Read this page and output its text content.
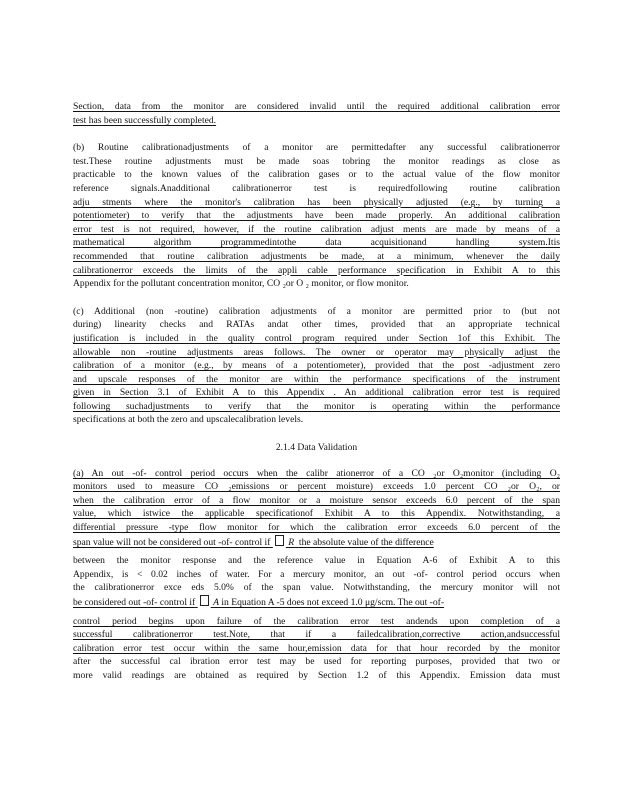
Section, data from the monitor are considered invalid until the required additional calibration error
test has been successfully completed.

(b) Routine calibrationadjustments of a monitor are permittedafter any successful calibrationerror
test.These routine adjustments must be made soas tobring the monitor readings as close as
practicable to the known values of the calibration gases or to the actual value of the flow monitor
reference signals.Anadditional calibrationerror test is requiredfollowing routine calibration
adju stments where the monitor's calibration has been physically adjusted (e.g., by turning a
potentiometer) to verify that the adjustments have been made properly. An additional calibration
error test is not required, however, if the routine calibration adjust ments are made by means of a
mathematical algorithm programmedintothe data acquisitionand handling system.Itis
recommended that routine calibration adjustments be made, at a minimum, whenever the daily
calibrationerror exceeds the limits of the appli cable performance specification in Exhibit A to this
Appendix for the pollutant concentration monitor, CO ₂or O ₂ monitor, or flow monitor.

(c) Additional (non -routine) calibration adjustments of a monitor are permitted prior to (but not
during) linearity checks and RATAs andat other times, provided that an appropriate technical
justification is included in the quality control program required under Section 1of this Exhibit. The
allowable non -routine adjustments areas follows. The owner or operator may physically adjust the
calibration of a monitor (e.g., by means of a potentiometer), provided that the post -adjustment zero
and upscale responses of the monitor are within the performance specifications of the instrument
given in Section 3.1 of Exhibit A to this Appendix . An additional calibration error test is required
following suchadjustments to verify that the monitor is operating within the performance
specifications at both the zero and upscalecalibration levels.

2.1.4 Data Validation

(a) An out -of- control period occurs when the calibr ationerror of a CO ₂or O₂monitor (including O₂
monitors used to measure CO ₂emissions or percent moisture) exceeds 1.0 percent CO ₂or O₂, or
when the calibration error of a flow monitor or a moisture sensor exceeds 6.0 percent of the span
value, which istwice the applicable specificationof Exhibit A to this Appendix. Notwithstanding, a
differential pressure -type flow monitor for which the calibration error exceeds 6.0 percent of the
span value will not be considered out -of- control if R the absolute value of the difference
between the monitor response and the reference value in Equation A-6 of Exhibit A to this
Appendix, is < 0.02 inches of water. For a mercury monitor, an out -of- control period occurs when
the calibrationerror exce eds 5.0% of the span value. Notwithstanding, the mercury monitor will not
be considered out -of- control if A in Equation A -5 does not exceed 1.0 μg/scm. The out -of-
control period begins upon failure of the calibration error test andends upon completion of a
successful calibrationerror test.Note, that if a failedcalibration,corrective action,andsuccessful
calibration error test occur within the same hour,emission data for that hour recorded by the monitor
after the successful cal ibration error test may be used for reporting purposes, provided that two or
more valid readings are obtained as required by Section 1.2 of this Appendix. Emission data must
